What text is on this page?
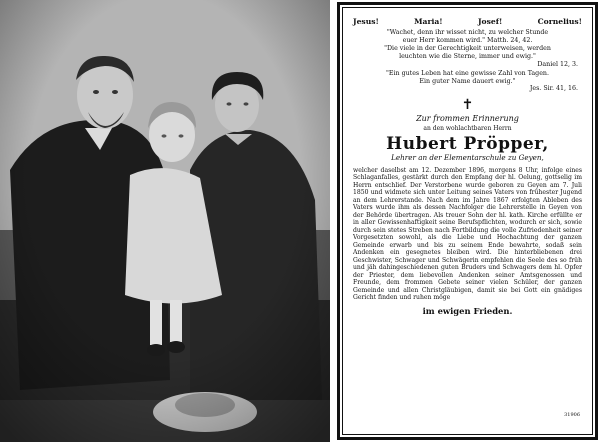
Jesus!	Maria!	Josef!	Cornelius!
"Wachet, denn ihr wisset nicht, zu welcher Stunde
euer Herr kommen wird." Matth. 24, 42.
"Die viele in der Gerechtigkeit unterweisen, werden
leuchten wie die Sterne, immer und ewig."
Daniel 12, 3.
"Ein gutes Leben hat eine gewisse Zahl von Tagen.
Ein guter Name dauert ewig."
Jes. Sir. 41, 16.
✝
Zur frommen Erinnerung
an den wohlachtbaren Herrn
Hubert Pröpper,
Lehrer an der Elementarschule zu Geyen,
welcher daselbst am 12. Dezember 1896, morgens 8 Uhr, infolge eines Schlaganfalles, gestärkt durch den Empfang der hl. Oelung, gottselig im Herrn entschlief. Der Verstorbene wurde geboren zu Geyen am 7. Juli 1850 und widmete sich unter Leitung seines Vaters von frühester Jugend an dem Lehrerstande. Nach dem im Jahre 1867 erfolgten Ableben des Vaters wurde ihm als dessen Nachfolger die Lehrerstelle in Geyen von der Behörde übertragen. Als treuer Sohn der hl. kath. Kirche erfüllte er in aller Gewissenhaftigkeit seine Berufspflichten, wodurch er sich, sowie durch sein stetes Streben nach Fortbildung die volle Zufriedenheit seiner Vorgesetzten sowohl, als die Liebe und Hochachtung der ganzen Gemeinde erwarb und bis zu seinem Ende bewahrte, sodaß sein Andenken ein gesegnetes bleiben wird. Die hinterbliebenen drei Geschwister, Schwager und Schwägerin empfehlen die Seele des so früh und jäh dahingeschiedenen guten Bruders und Schwagers dem hl. Opfer der Priester, dem liebevollen Andenken seiner Amtsgenossen und Freunde, dem frommen Gebete seiner vielen Schüler, der ganzen Gemeinde und allen Christgläubigen, damit sie bei Gott ein gnädiges Gericht finden und ruhen möge
im ewigen Frieden.
31906
